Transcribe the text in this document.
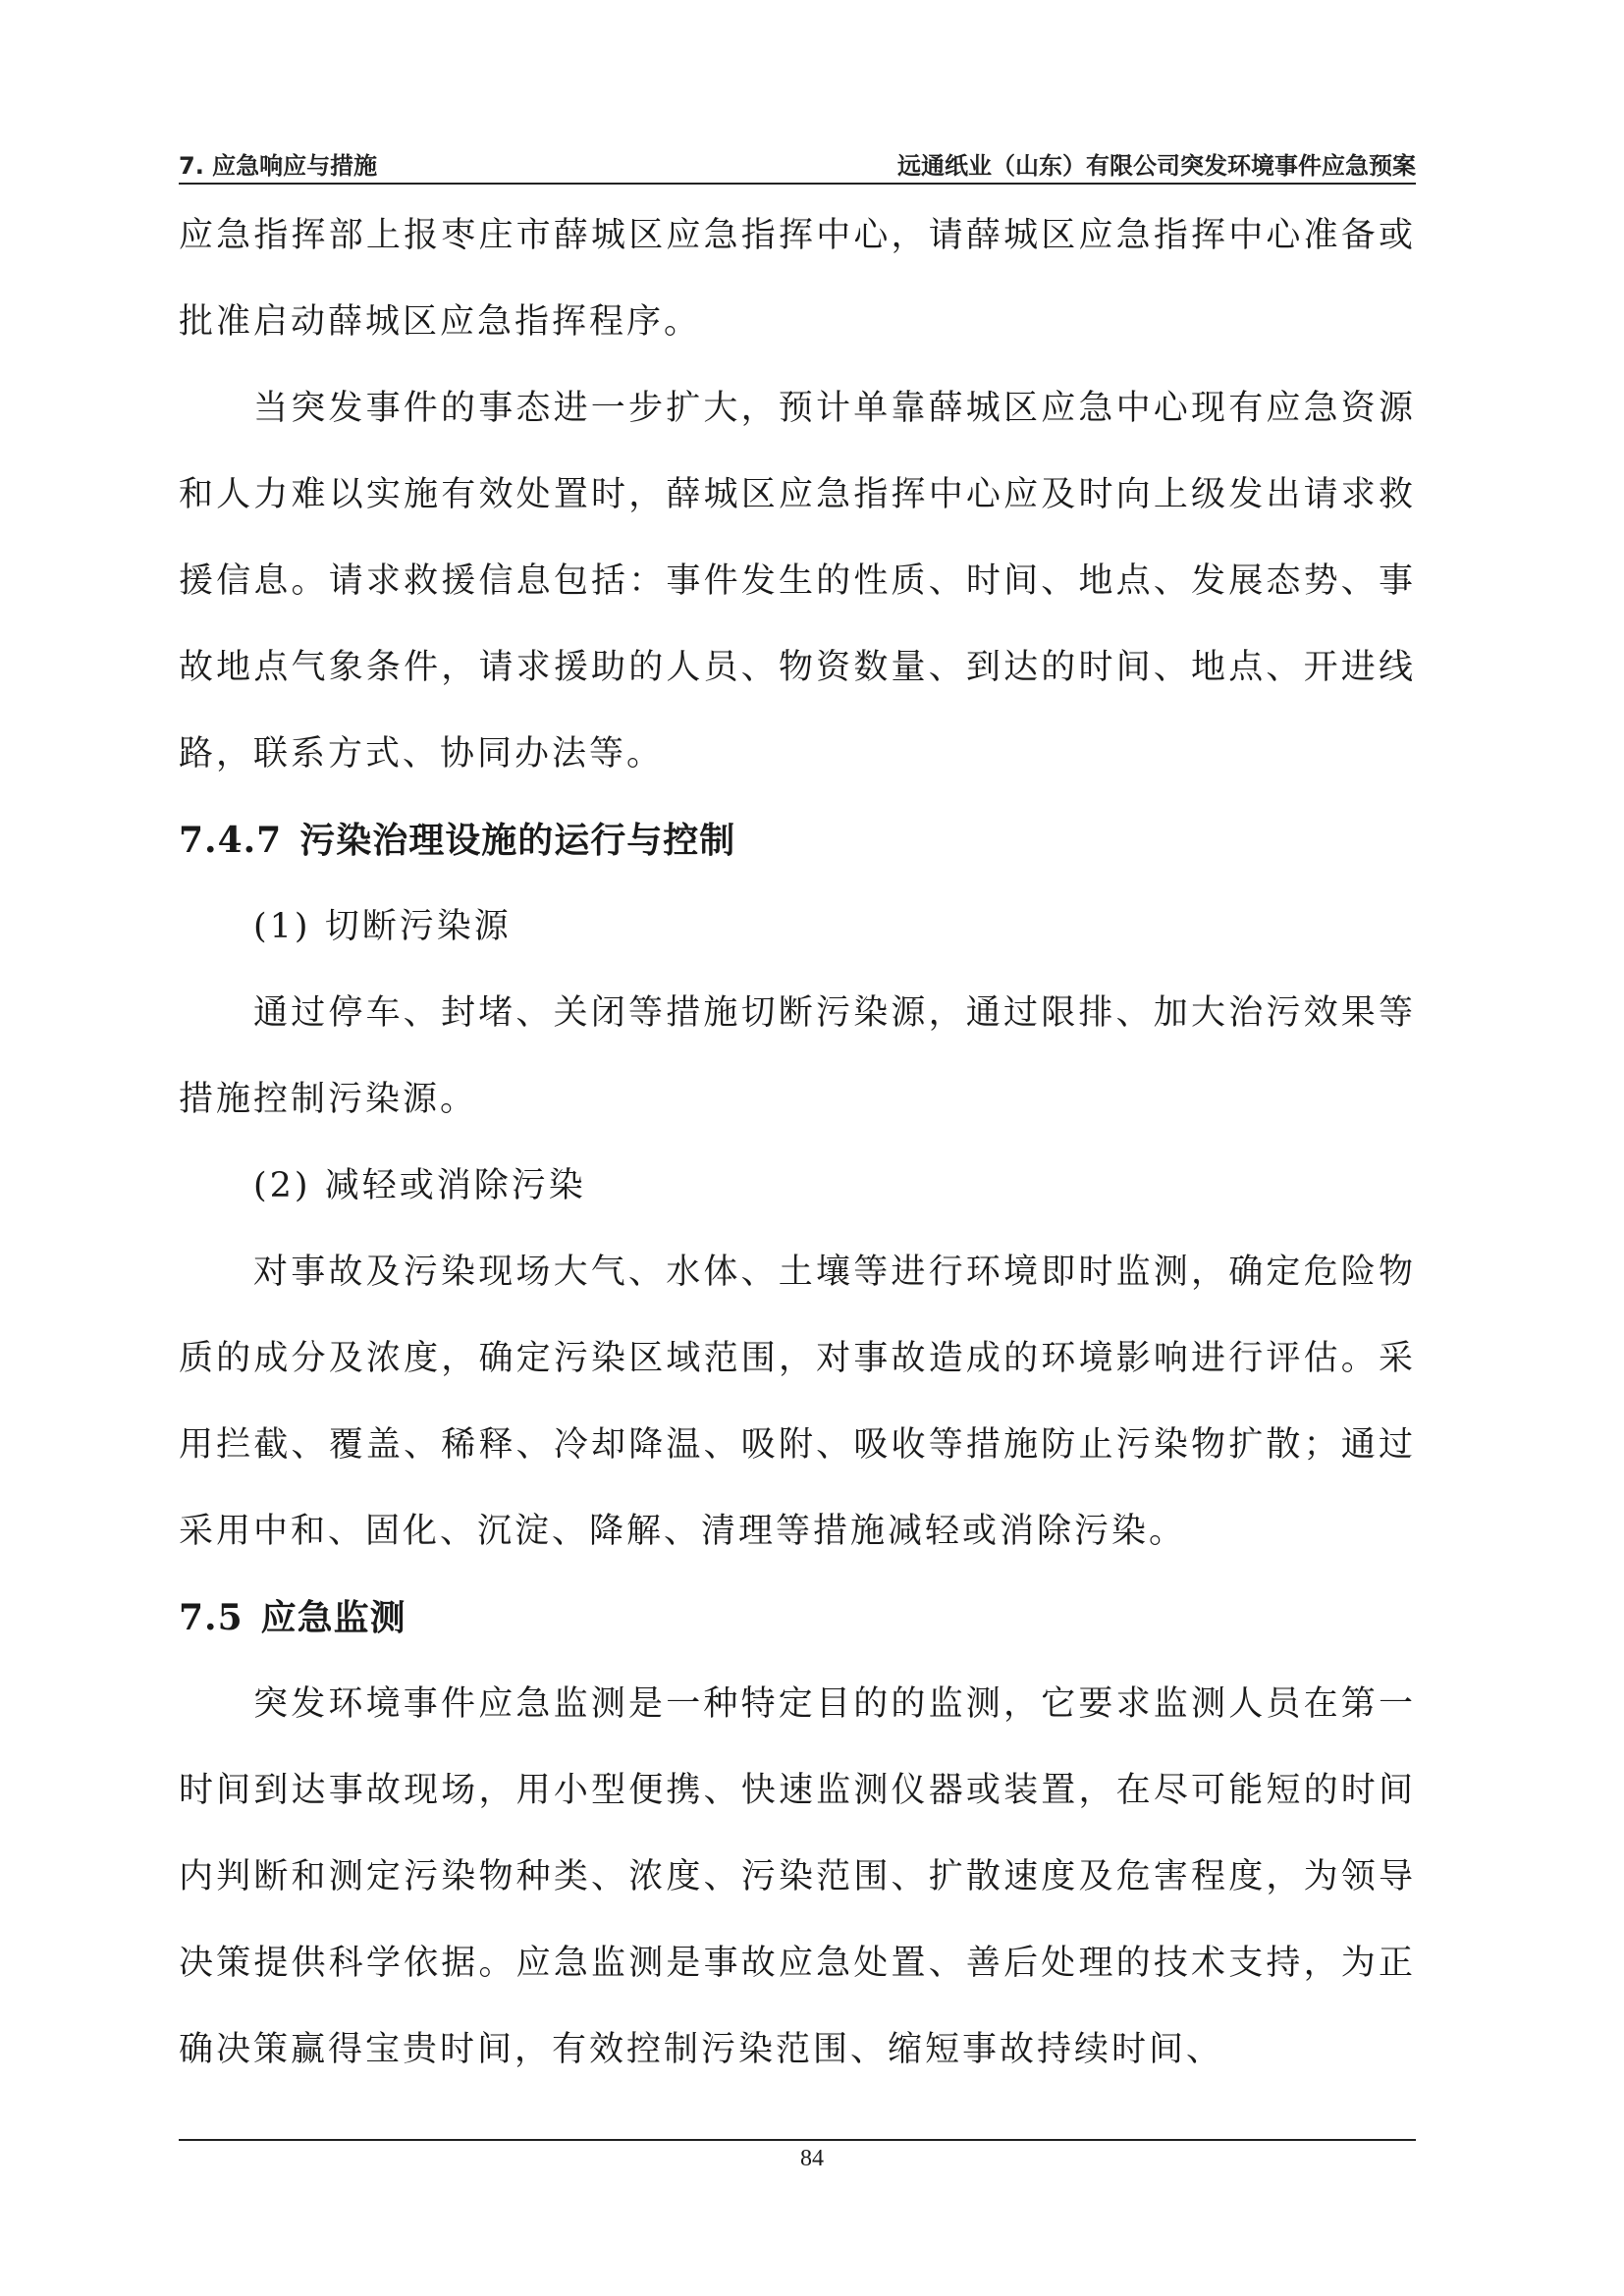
7. 应急响应与措施	远通纸业（山东）有限公司突发环境事件应急预案

应急指挥部上报枣庄市薛城区应急指挥中心，请薛城区应急指挥中心准备或批准启动薛城区应急指挥程序。

当突发事件的事态进一步扩大，预计单靠薛城区应急中心现有应急资源和人力难以实施有效处置时，薛城区应急指挥中心应及时向上级发出请求救援信息。请求救援信息包括：事件发生的性质、时间、地点、发展态势、事故地点气象条件，请求援助的人员、物资数量、到达的时间、地点、开进线路，联系方式、协同办法等。

7.4.7 污染治理设施的运行与控制

(1) 切断污染源

通过停车、封堵、关闭等措施切断污染源，通过限排、加大治污效果等措施控制污染源。

(2) 减轻或消除污染

对事故及污染现场大气、水体、土壤等进行环境即时监测，确定危险物质的成分及浓度，确定污染区域范围，对事故造成的环境影响进行评估。采用拦截、覆盖、稀释、冷却降温、吸附、吸收等措施防止污染物扩散；通过采用中和、固化、沉淀、降解、清理等措施减轻或消除污染。

7.5 应急监测

突发环境事件应急监测是一种特定目的的监测，它要求监测人员在第一时间到达事故现场，用小型便携、快速监测仪器或装置，在尽可能短的时间内判断和测定污染物种类、浓度、污染范围、扩散速度及危害程度，为领导决策提供科学依据。应急监测是事故应急处置、善后处理的技术支持，为正确决策赢得宝贵时间，有效控制污染范围、缩短事故持续时间、

84
